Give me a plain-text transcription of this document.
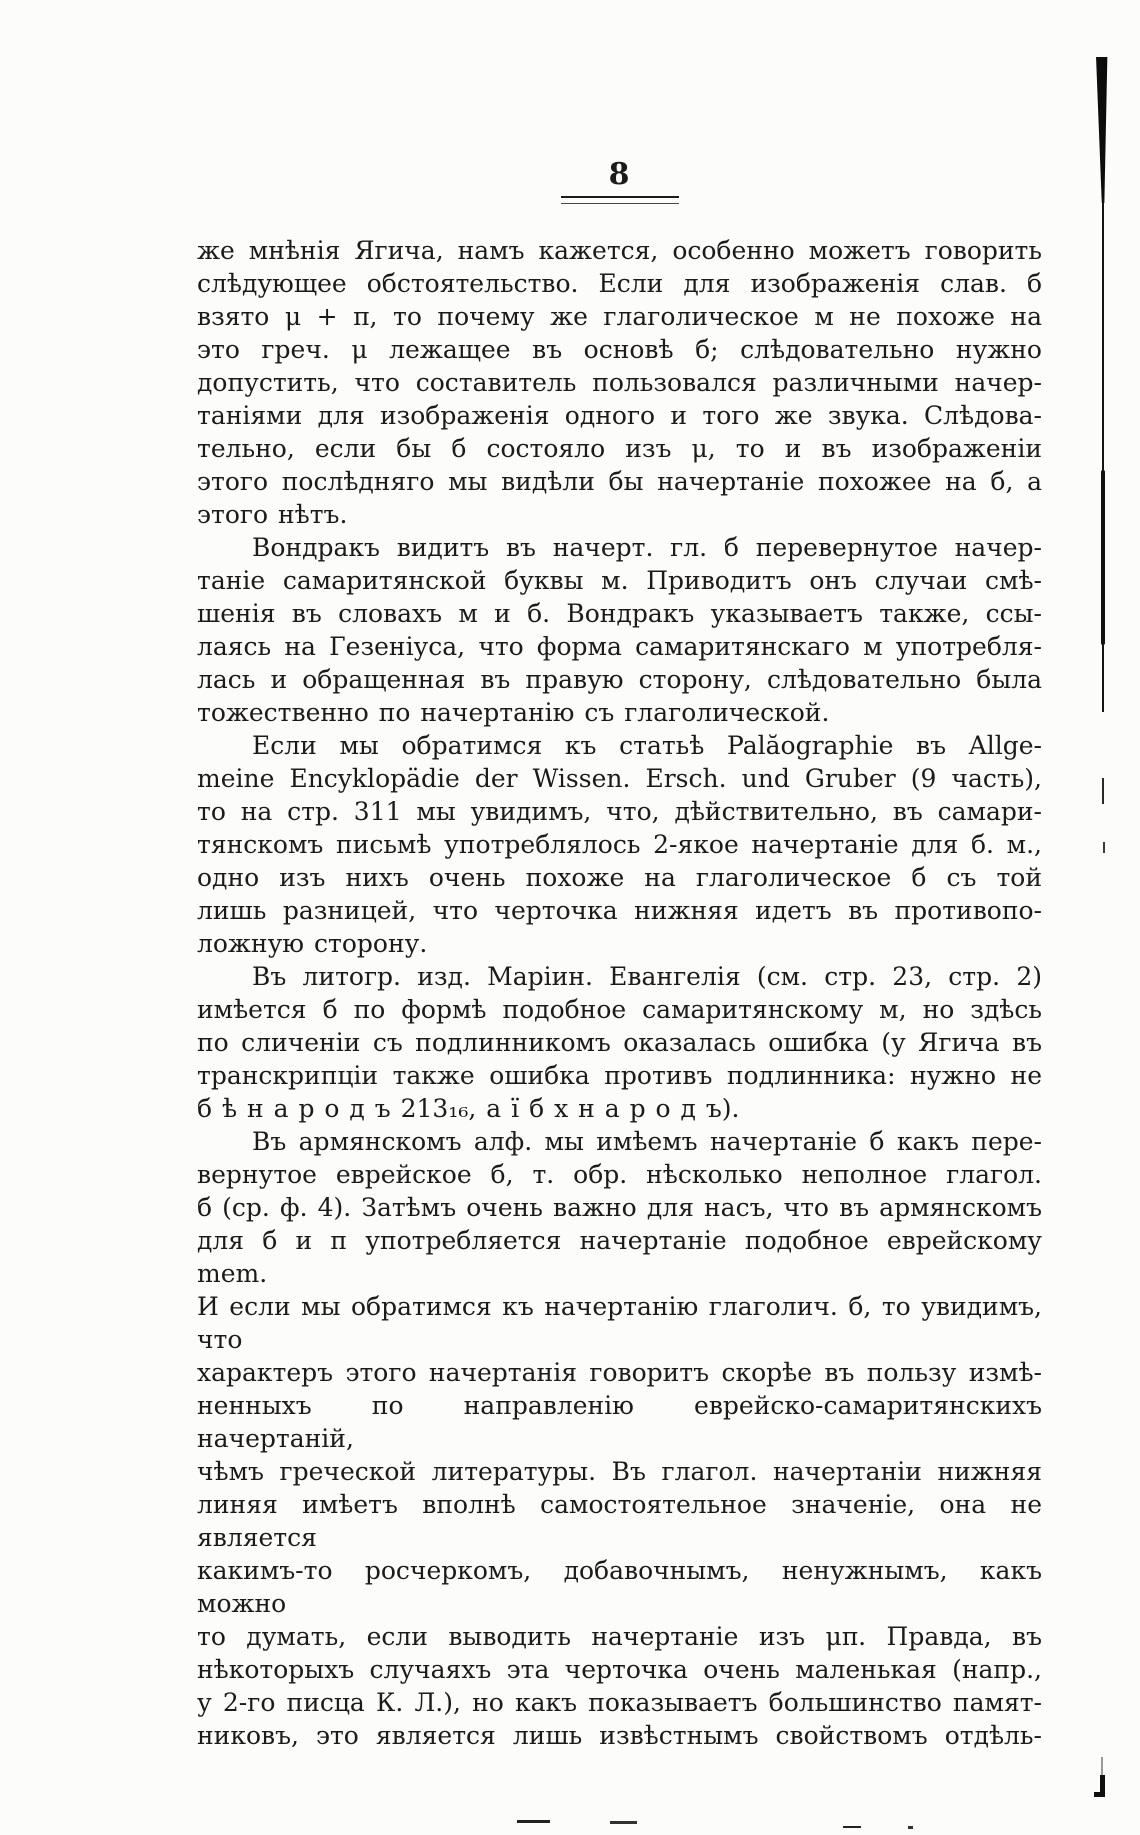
8
же мнѣнія Ягича, намъ кажется, особенно можетъ говорить
слѣдующее обстоятельство. Если для изображенія слав. б
взято μ + π, то почему же глаголическое м не похоже на
это греч. μ лежащее въ основѣ б; слѣдовательно нужно
допустить, что составитель пользовался различными начер-
таніями для изображенія одного и того же звука. Слѣдова-
тельно, если бы б состояло изъ μ, то и въ изображеніи
этого послѣдняго мы видѣли бы начертаніе похожее на б, а
этого нѣтъ.
Вондракъ видитъ въ начерт. гл. б перевернутое начер-
таніе самаритянской буквы м. Приводитъ онъ случаи смѣ-
шенія въ словахъ м и б. Вондракъ указываетъ также, ссы-
лаясь на Гезеніуса, что форма самаритянскаго м употребля-
лась и обращенная въ правую сторону, слѣдовательно была
тожественно по начертанію съ глаголической.
Если мы обратимся къ статьѣ Palăographie въ Allge-
meine Encyklopädie der Wissen. Ersch. und Gruber (9 часть),
то на стр. 311 мы увидимъ, что, дѣйствительно, въ самари-
тянскомъ письмѣ употреблялось 2-якое начертаніе для б. м.,
одно изъ нихъ очень похоже на глаголическое б съ той
лишь разницей, что черточка нижняя идетъ въ противопо-
ложную сторону.
Въ литогр. изд. Маріин. Евангелія (см. стр. 23, стр. 2)
имѣется б по формѣ подобное самаритянскому м, но здѣсь
по сличеніи съ подлинникомъ оказалась ошибка (у Ягича въ
транскрипціи также ошибка противъ подлинника: нужно не
б ѣ н а р о д ъ 213₁₆, а ї б х н а р о д ъ).
Въ армянскомъ алф. мы имѣемъ начертаніе б какъ пере-
вернутое еврейское б, т. обр. нѣсколько неполное глагол.
б (ср. ф. 4). Затѣмъ очень важно для насъ, что въ армянскомъ
для б и п употребляется начертаніе подобное еврейскому mem.
И если мы обратимся къ начертанію глаголич. б, то увидимъ, что
характеръ этого начертанія говоритъ скорѣе въ пользу измѣ-
ненныхъ по направленію еврейско-самаритянскихъ начертаній,
чѣмъ греческой литературы. Въ глагол. начертаніи нижняя
линяя имѣетъ вполнѣ самостоятельное значеніе, она не является
какимъ-то росчеркомъ, добавочнымъ, ненужнымъ, какъ можно
то думать, если выводить начертаніе изъ μπ. Правда, въ
нѣкоторыхъ случаяхъ эта черточка очень маленькая (напр.,
у 2-го писца К. Л.), но какъ показываетъ большинство памят-
никовъ, это является лишь извѣстнымъ свойствомъ отдѣль-
